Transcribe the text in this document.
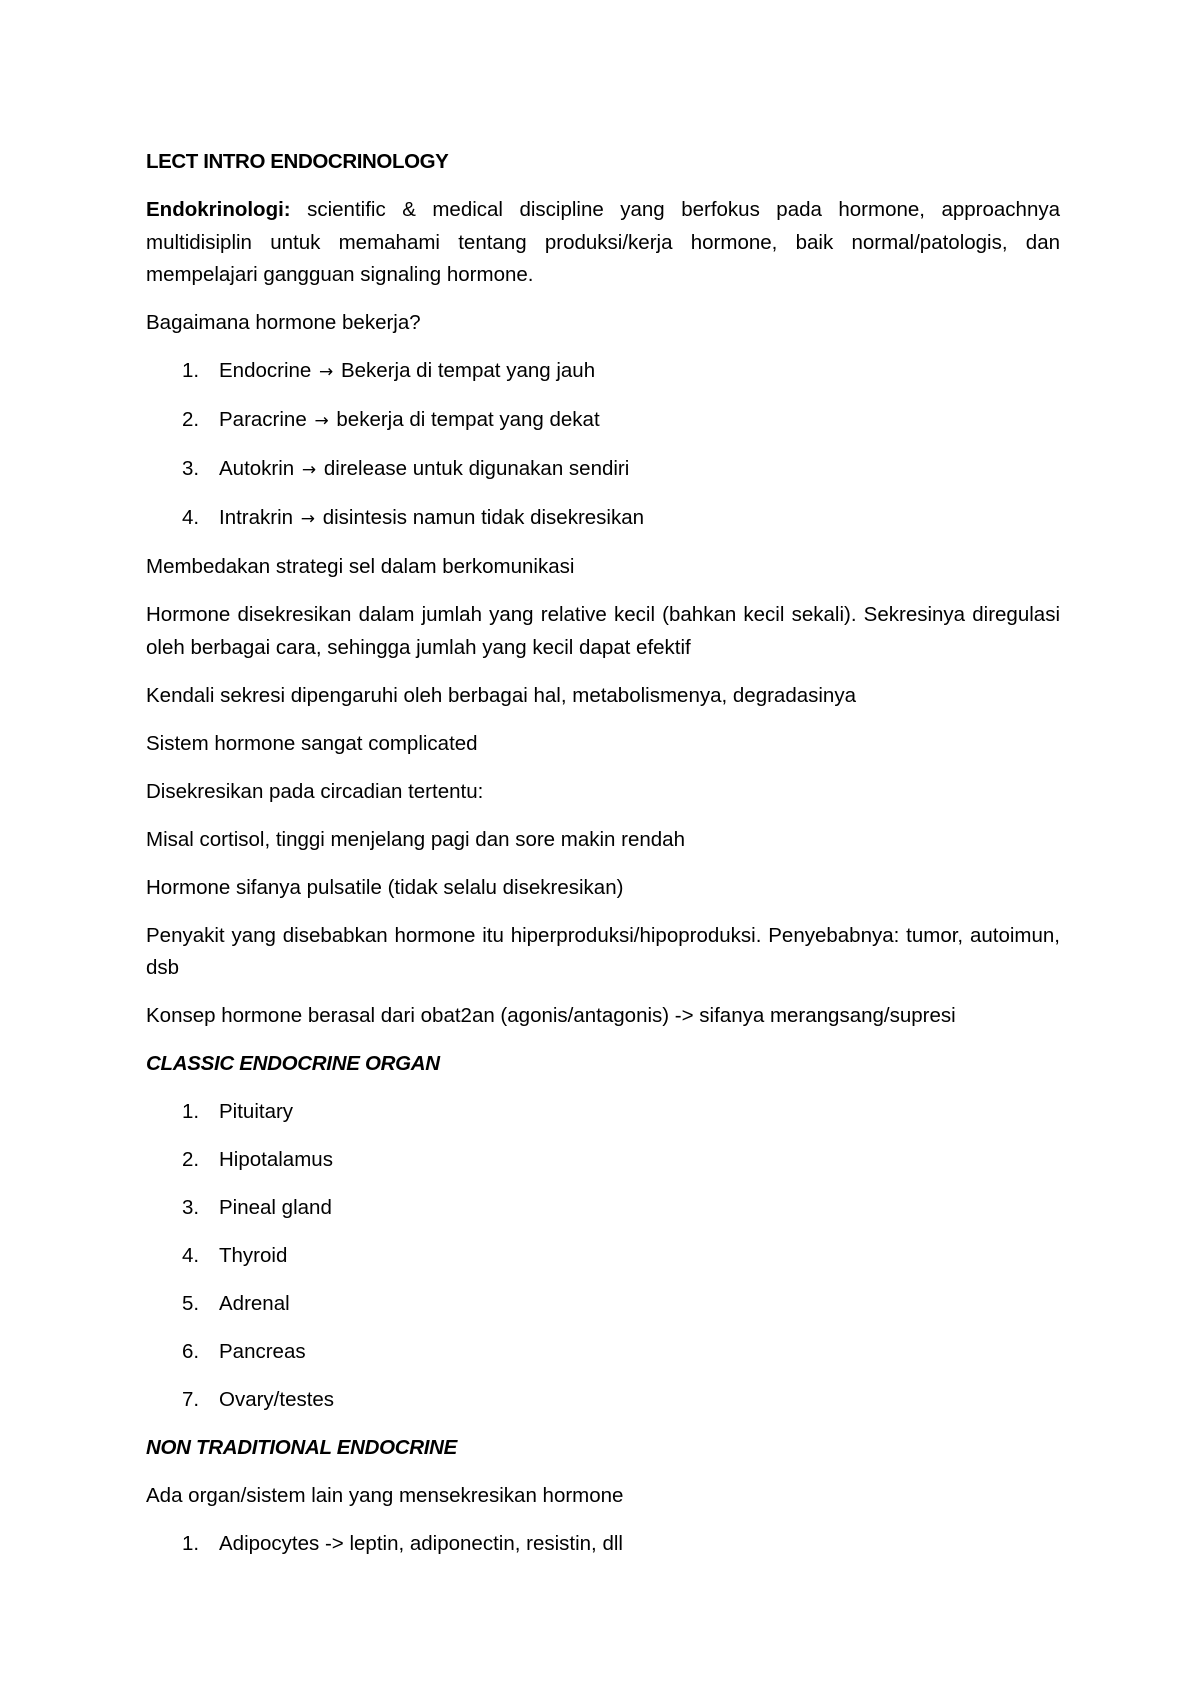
LECT INTRO ENDOCRINOLOGY

Endokrinologi: scientific & medical discipline yang berfokus pada hormone, approachnya multidisiplin untuk memahami tentang produksi/kerja hormone, baik normal/patologis, dan mempelajari gangguan signaling hormone.

Bagaimana hormone bekerja?

1. Endocrine → Bekerja di tempat yang jauh
2. Paracrine → bekerja di tempat yang dekat
3. Autokrin → direlease untuk digunakan sendiri
4. Intrakrin → disintesis namun tidak disekresikan

Membedakan strategi sel dalam berkomunikasi

Hormone disekresikan dalam jumlah yang relative kecil (bahkan kecil sekali). Sekresinya diregulasi oleh berbagai cara, sehingga jumlah yang kecil dapat efektif

Kendali sekresi dipengaruhi oleh berbagai hal, metabolismenya, degradasinya

Sistem hormone sangat complicated

Disekresikan pada circadian tertentu:

Misal cortisol, tinggi menjelang pagi dan sore makin rendah

Hormone sifanya pulsatile (tidak selalu disekresikan)

Penyakit yang disebabkan hormone itu hiperproduksi/hipoproduksi. Penyebabnya: tumor, autoimun, dsb

Konsep hormone berasal dari obat2an (agonis/antagonis) -> sifanya merangsang/supresi

CLASSIC ENDOCRINE ORGAN

1. Pituitary
2. Hipotalamus
3. Pineal gland
4. Thyroid
5. Adrenal
6. Pancreas
7. Ovary/testes

NON TRADITIONAL ENDOCRINE

Ada organ/sistem lain yang mensekresikan hormone

1. Adipocytes -> leptin, adiponectin, resistin, dll
